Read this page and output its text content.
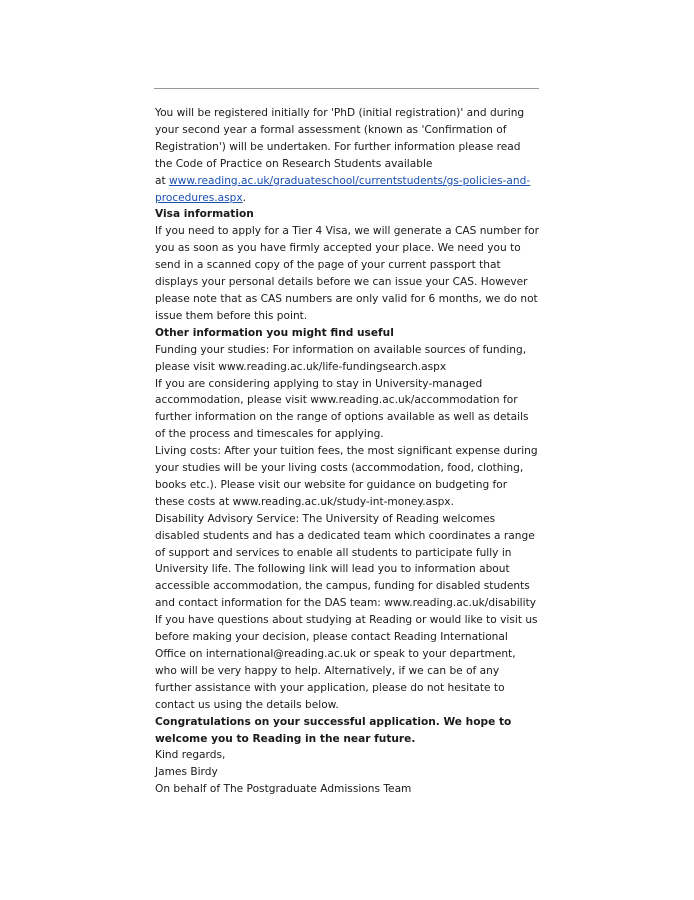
You will be registered initially for 'PhD (initial registration)' and during your second year a formal assessment (known as 'Confirmation of Registration') will be undertaken. For further information please read the Code of Practice on Research Students available
at www.reading.ac.uk/graduateschool/currentstudents/gs-policies-and-procedures.aspx.

Visa information

If you need to apply for a Tier 4 Visa, we will generate a CAS number for you as soon as you have firmly accepted your place. We need you to send in a scanned copy of the page of your current passport that displays your personal details before we can issue your CAS. However please note that as CAS numbers are only valid for 6 months, we do not issue them before this point.

Other information you might find useful

Funding your studies: For information on available sources of funding, please visit www.reading.ac.uk/life-fundingsearch.aspx

If you are considering applying to stay in University-managed accommodation, please visit www.reading.ac.uk/accommodation for further information on the range of options available as well as details of the process and timescales for applying.

Living costs: After your tuition fees, the most significant expense during your studies will be your living costs (accommodation, food, clothing, books etc.). Please visit our website for guidance on budgeting for these costs at www.reading.ac.uk/study-int-money.aspx.

Disability Advisory Service: The University of Reading welcomes disabled students and has a dedicated team which coordinates a range of support and services to enable all students to participate fully in University life. The following link will lead you to information about accessible accommodation, the campus, funding for disabled students and contact information for the DAS team: www.reading.ac.uk/disability

If you have questions about studying at Reading or would like to visit us before making your decision, please contact Reading International Office on international@reading.ac.uk or speak to your department, who will be very happy to help. Alternatively, if we can be of any further assistance with your application, please do not hesitate to contact us using the details below.

Congratulations on your successful application. We hope to welcome you to Reading in the near future.

Kind regards,

James Birdy

On behalf of The Postgraduate Admissions Team
